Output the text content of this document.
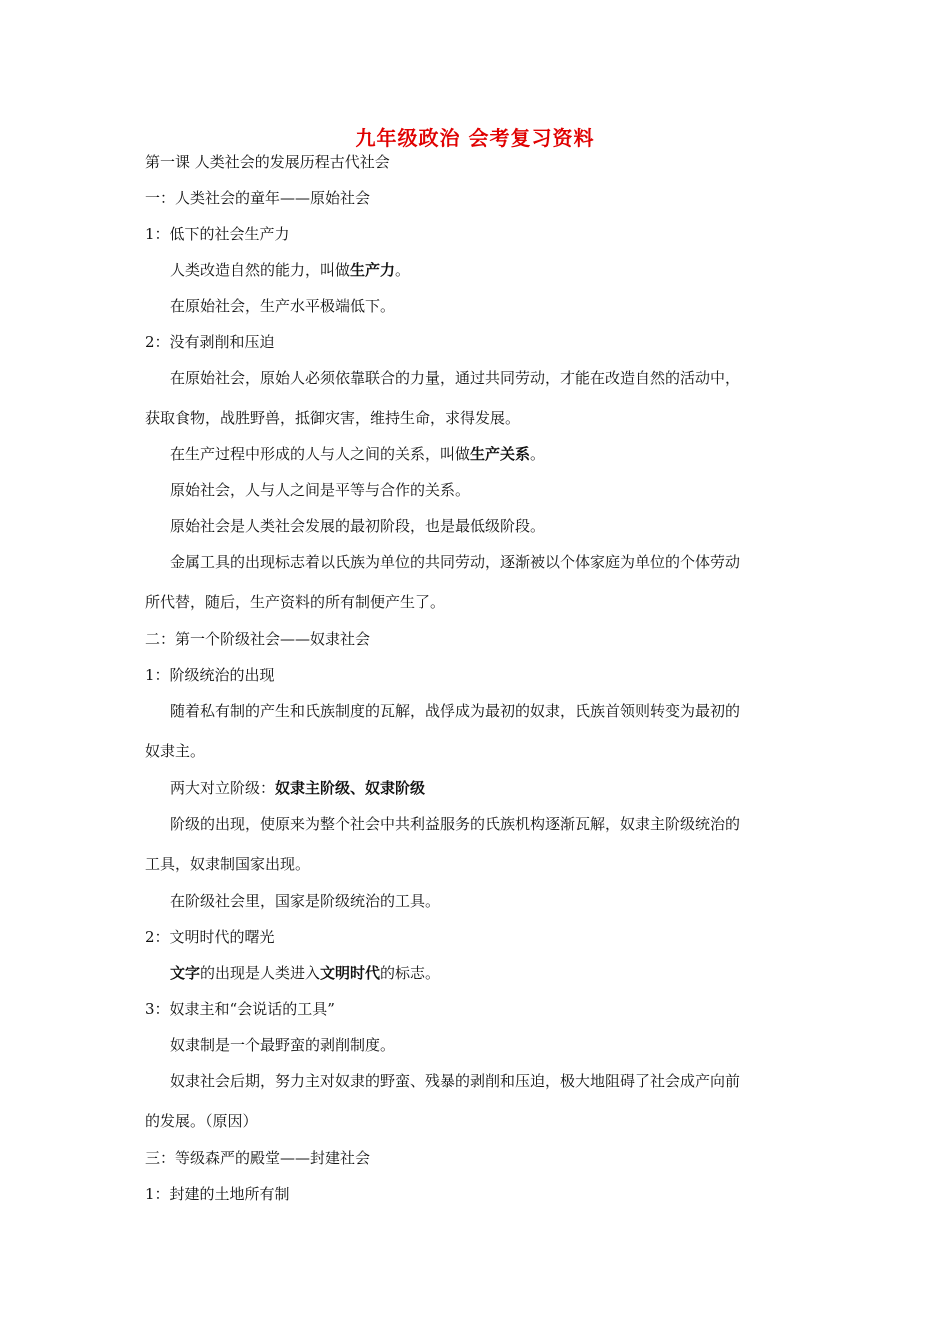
九年级政治 会考复习资料
第一课 人类社会的发展历程古代社会
一：人类社会的童年——原始社会
1：低下的社会生产力
人类改造自然的能力，叫做生产力。
在原始社会，生产水平极端低下。
2：没有剥削和压迫
在原始社会，原始人必须依靠联合的力量，通过共同劳动，才能在改造自然的活动中，
获取食物，战胜野兽，抵御灾害，维持生命，求得发展。
在生产过程中形成的人与人之间的关系，叫做生产关系。
原始社会，人与人之间是平等与合作的关系。
原始社会是人类社会发展的最初阶段，也是最低级阶段。
金属工具的出现标志着以氏族为单位的共同劳动，逐渐被以个体家庭为单位的个体劳动
所代替，随后，生产资料的所有制便产生了。
二：第一个阶级社会——奴隶社会
1：阶级统治的出现
随着私有制的产生和氏族制度的瓦解，战俘成为最初的奴隶，氏族首领则转变为最初的
奴隶主。
两大对立阶级：奴隶主阶级、奴隶阶级
阶级的出现，使原来为整个社会中共利益服务的氏族机构逐渐瓦解，奴隶主阶级统治的
工具，奴隶制国家出现。
在阶级社会里，国家是阶级统治的工具。
2：文明时代的曙光
文字的出现是人类进入文明时代的标志。
3：奴隶主和“会说话的工具”
奴隶制是一个最野蛮的剥削制度。
奴隶社会后期，努力主对奴隶的野蛮、残暴的剥削和压迫，极大地阻碍了社会成产向前
的发展。（原因）
三：等级森严的殿堂——封建社会
1：封建的土地所有制
